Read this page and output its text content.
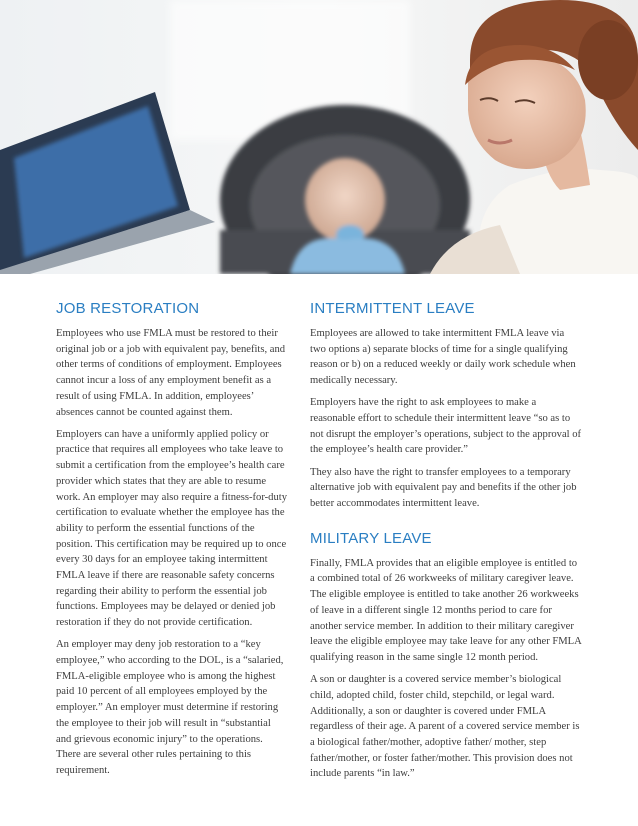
JOB RESTORATION

Employees who use FMLA must be restored to their original job or a job with equivalent pay, benefits, and other terms of conditions of employment. Employees cannot incur a loss of any employment benefit as a result of using FMLA. In addition, employees’ absences cannot be counted against them.

Employers can have a uniformly applied policy or practice that requires all employees who take leave to submit a certification from the employee’s health care provider which states that they are able to resume work. An employer may also require a fitness-for-duty certification to evaluate whether the employee has the ability to perform the essential functions of the position. This certification may be required up to once every 30 days for an employee taking intermittent FMLA leave if there are reasonable safety concerns regarding their ability to perform the essential job functions. Employees may be delayed or denied job restoration if they do not provide certification.

An employer may deny job restoration to a “key employee,” who according to the DOL, is a “salaried, FMLA-eligible employee who is among the highest paid 10 percent of all employees employed by the employer.” An employer must determine if restoring the employee to their job will result in “substantial and grievous economic injury” to the operations. There are several other rules pertaining to this requirement.

INTERMITTENT LEAVE

Employees are allowed to take intermittent FMLA leave via two options a) separate blocks of time for a single qualifying reason or b) on a reduced weekly or daily work schedule when medically necessary.

Employers have the right to ask employees to make a reasonable effort to schedule their intermittent leave “so as to not disrupt the employer’s operations, subject to the approval of the employee’s health care provider.”

They also have the right to transfer employees to a temporary alternative job with equivalent pay and benefits if the other job better accommodates intermittent leave.

MILITARY LEAVE

Finally, FMLA provides that an eligible employee is entitled to a combined total of 26 workweeks of military caregiver leave. The eligible employee is entitled to take another 26 workweeks of leave in a different single 12 months period to care for another service member. In addition to their military caregiver leave the eligible employee may take leave for any other FMLA qualifying reason in the same single 12 month period.

A son or daughter is a covered service member’s biological child, adopted child, foster child, stepchild, or legal ward. Additionally, a son or daughter is covered under FMLA regardless of their age. A parent of a covered service member is a biological father/mother, adoptive father/ mother, step father/mother, or foster father/mother. This provision does not include parents “in law.”
